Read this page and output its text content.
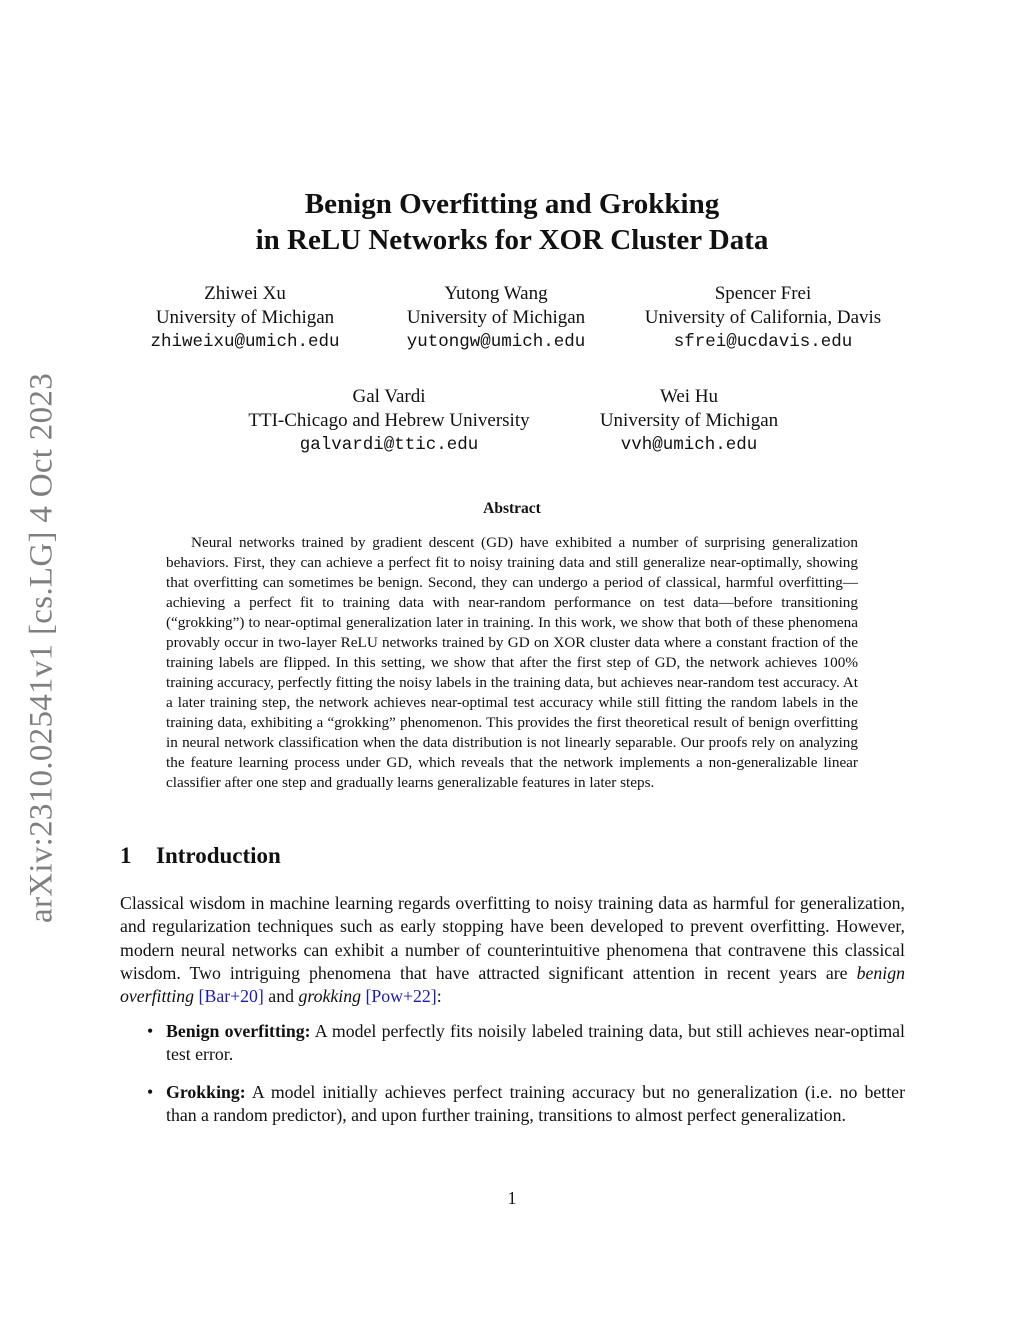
arXiv:2310.02541v1 [cs.LG] 4 Oct 2023
Benign Overfitting and Grokking
in ReLU Networks for XOR Cluster Data
Zhiwei Xu
University of Michigan
zhiweixu@umich.edu
Yutong Wang
University of Michigan
yutongw@umich.edu
Spencer Frei
University of California, Davis
sfrei@ucdavis.edu
Gal Vardi
TTI-Chicago and Hebrew University
galvardi@ttic.edu
Wei Hu
University of Michigan
vvh@umich.edu
Abstract

Neural networks trained by gradient descent (GD) have exhibited a number of surprising generalization behaviors. First, they can achieve a perfect fit to noisy training data and still generalize near-optimally, showing that overfitting can sometimes be benign. Second, they can undergo a period of classical, harmful overfitting—achieving a perfect fit to training data with near-random performance on test data—before transitioning (“grokking”) to near-optimal generalization later in training. In this work, we show that both of these phenomena provably occur in two-layer ReLU networks trained by GD on XOR cluster data where a constant fraction of the training labels are flipped. In this setting, we show that after the first step of GD, the network achieves 100% training accuracy, perfectly fitting the noisy labels in the training data, but achieves near-random test accuracy. At a later training step, the network achieves near-optimal test accuracy while still fitting the random labels in the training data, exhibiting a “grokking” phenomenon. This provides the first theoretical result of benign overfitting in neural network classification when the data distribution is not linearly separable. Our proofs rely on analyzing the feature learning process under GD, which reveals that the network implements a non-generalizable linear classifier after one step and gradually learns generalizable features in later steps.

1 Introduction

Classical wisdom in machine learning regards overfitting to noisy training data as harmful for generalization, and regularization techniques such as early stopping have been developed to prevent overfitting. However, modern neural networks can exhibit a number of counterintuitive phenomena that contravene this classical wisdom. Two intriguing phenomena that have attracted significant attention in recent years are benign overfitting [Bar+20] and grokking [Pow+22]:

• Benign overfitting: A model perfectly fits noisily labeled training data, but still achieves near-optimal test error.
• Grokking: A model initially achieves perfect training accuracy but no generalization (i.e. no better than a random predictor), and upon further training, transitions to almost perfect generalization.

1
